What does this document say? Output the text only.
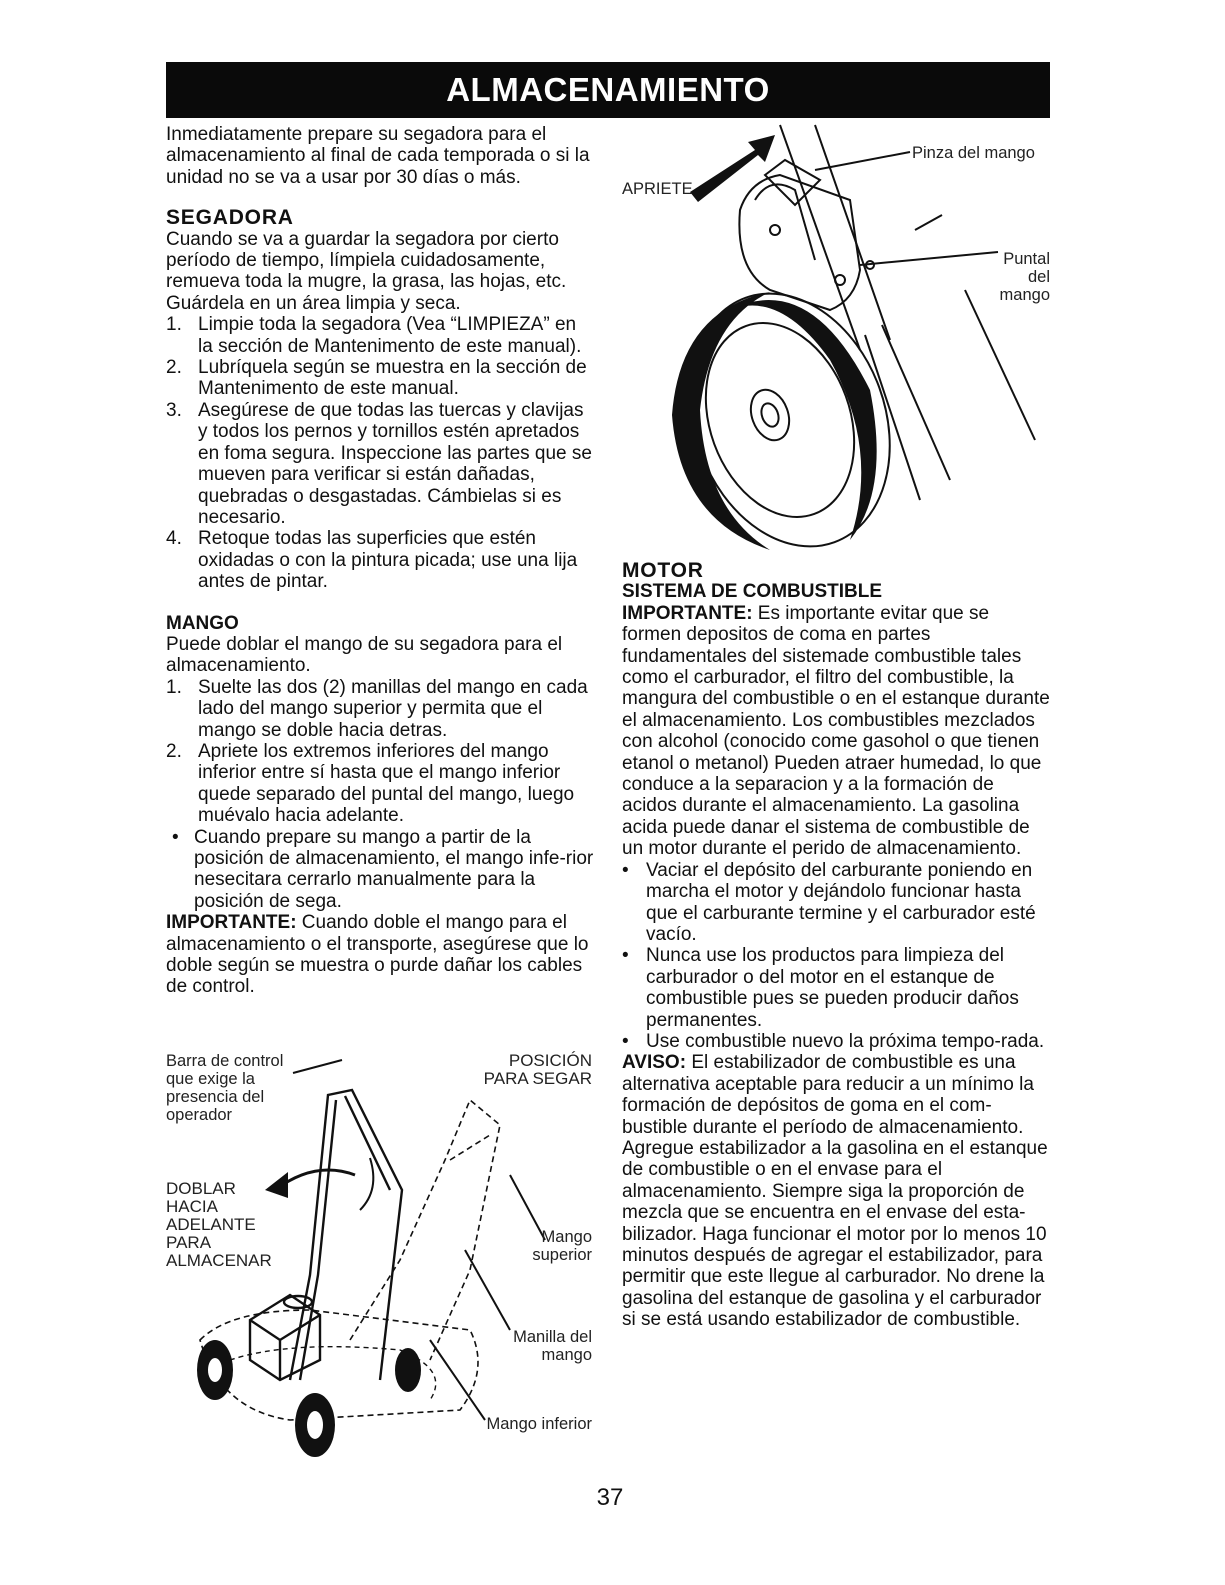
ALMACENAMIENTO

Inmediatamente prepare su segadora para el almacenamiento al final de cada temporada o si la unidad no se va a usar por 30 días o más.

SEGADORA

Cuando se va a guardar la segadora por cierto período de tiempo, límpiela cuidadosamente, remueva toda la mugre, la grasa, las hojas, etc. Guárdela en un área limpia y seca.

1. Limpie toda la segadora (Vea “LIMPIEZA” en la sección de Mantenimento de este manual).
2. Lubríquela según se muestra en la sección de Mantenimento de este manual.
3. Asegúrese de que todas las tuercas y clavijas y todos los pernos y tornillos estén apretados en foma segura. Inspeccione las partes que se mueven para verificar si están dañadas, quebradas o desgastadas. Cámbielas si es necesario.
4. Retoque todas las superficies que estén oxidadas o con la pintura picada; use una lija antes de pintar.

MANGO

Puede doblar el mango de su segadora para el almacenamiento.

1. Suelte las dos (2) manillas del mango en cada lado del mango superior y permita que el mango se doble hacia detras.
2. Apriete los extremos inferiores del mango inferior entre sí hasta que el mango inferior quede separado del puntal del mango, luego muévalo hacia adelante.
• Cuando prepare su mango a partir de la posición de almacenamiento, el mango infe-rior nesecitara cerrarlo manualmente para la posición de sega.

IMPORTANTE: Cuando doble el mango para el almacenamiento o el transporte, asegúrese que lo doble según se muestra o purde dañar los cables de control.

Barra de control que exige la presencia del operador
POSICIÓN PARA SEGAR
DOBLAR HACIA ADELANTE PARA ALMACENAR
Mango superior
Manilla del mango
Mango inferior
APRIETE
Pinza del mango
Puntal del mango

MOTOR

SISTEMA DE COMBUSTIBLE

IMPORTANTE: Es importante evitar que se formen depositos de coma en partes fundamentales del sistemade combustible tales como el carburador, el filtro del combustible, la mangura del combustible o en el estanque durante el almacenamiento. Los combustibles mezclados con alcohol (conocido come gasohol o que tienen etanol o metanol) Pueden atraer humedad, lo que conduce a la separacion y a la formación de acidos durante el almacenamiento. La gasolina acida puede danar el sistema de combustible de un motor durante el perido de almacenamiento.

• Vaciar el depósito del carburante poniendo en marcha el motor y dejándolo funcionar hasta que el carburante termine y el carburador esté vacío.
• Nunca use los productos para limpieza del carburador o del motor en el estanque de combustible pues se pueden producir daños permanentes.
• Use combustible nuevo la próxima tempo-rada.

AVISO: El estabilizador de combustible es una alternativa aceptable para reducir a un mínimo la formación de depósitos de goma en el com-bustible durante el período de almacenamiento. Agregue estabilizador a la gasolina en el estanque de combustible o en el envase para el almacenamiento. Siempre siga la proporción de mezcla que se encuentra en el envase del esta-bilizador. Haga funcionar el motor por lo menos 10 minutos después de agregar el estabilizador, para permitir que este llegue al carburador. No drene la gasolina del estanque de gasolina y el carburador si se está usando estabilizador de combustible.

37
